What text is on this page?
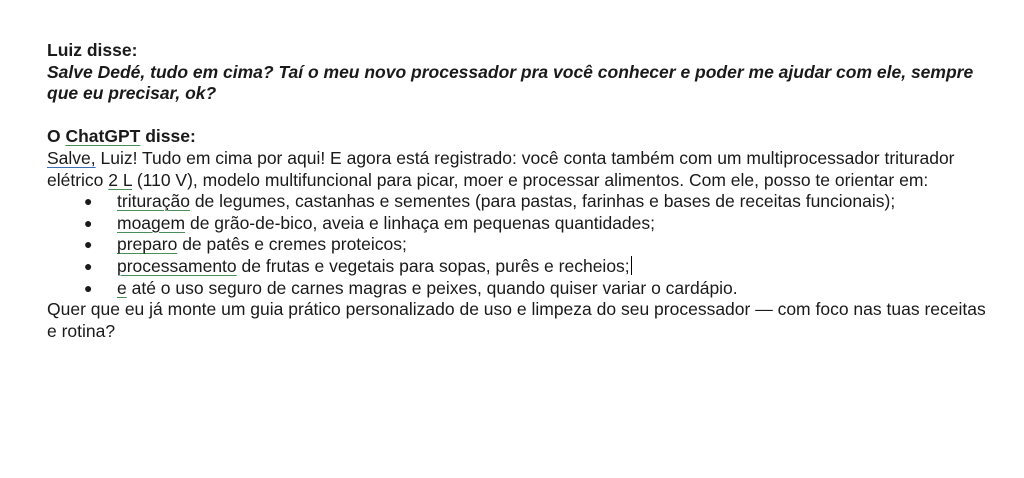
Luiz disse:

Salve Dedé, tudo em cima? Taí o meu novo processador pra você conhecer e poder me ajudar com ele, sempre que eu precisar, ok?

O ChatGPT disse:

Salve, Luiz! Tudo em cima por aqui! E agora está registrado: você conta também com um multiprocessador triturador elétrico 2 L (110 V), modelo multifuncional para picar, moer e processar alimentos. Com ele, posso te orientar em:

● trituração de legumes, castanhas e sementes (para pastas, farinhas e bases de receitas funcionais);
● moagem de grão-de-bico, aveia e linhaça em pequenas quantidades;
● preparo de patês e cremes proteicos;
● processamento de frutas e vegetais para sopas, purês e recheios;
● e até o uso seguro de carnes magras e peixes, quando quiser variar o cardápio.

Quer que eu já monte um guia prático personalizado de uso e limpeza do seu processador — com foco nas tuas receitas e rotina?
